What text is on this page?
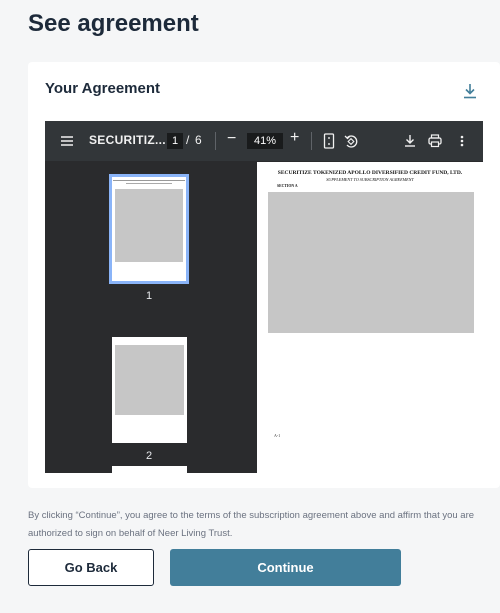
See agreement
Your Agreement
SECURITIZ... 1 / 6 −	41% +
1
2
SECURITIZE TOKENIZED APOLLO DIVERSIFIED CREDIT FUND, LTD.
SUPPLEMENT TO SUBSCRIPTION AGREEMENT
SECTION A
A-1

By clicking “Continue”, you agree to the terms of the subscription agreement above and affirm that you are authorized to sign on behalf of Neer Living Trust.

Go Back	Continue
